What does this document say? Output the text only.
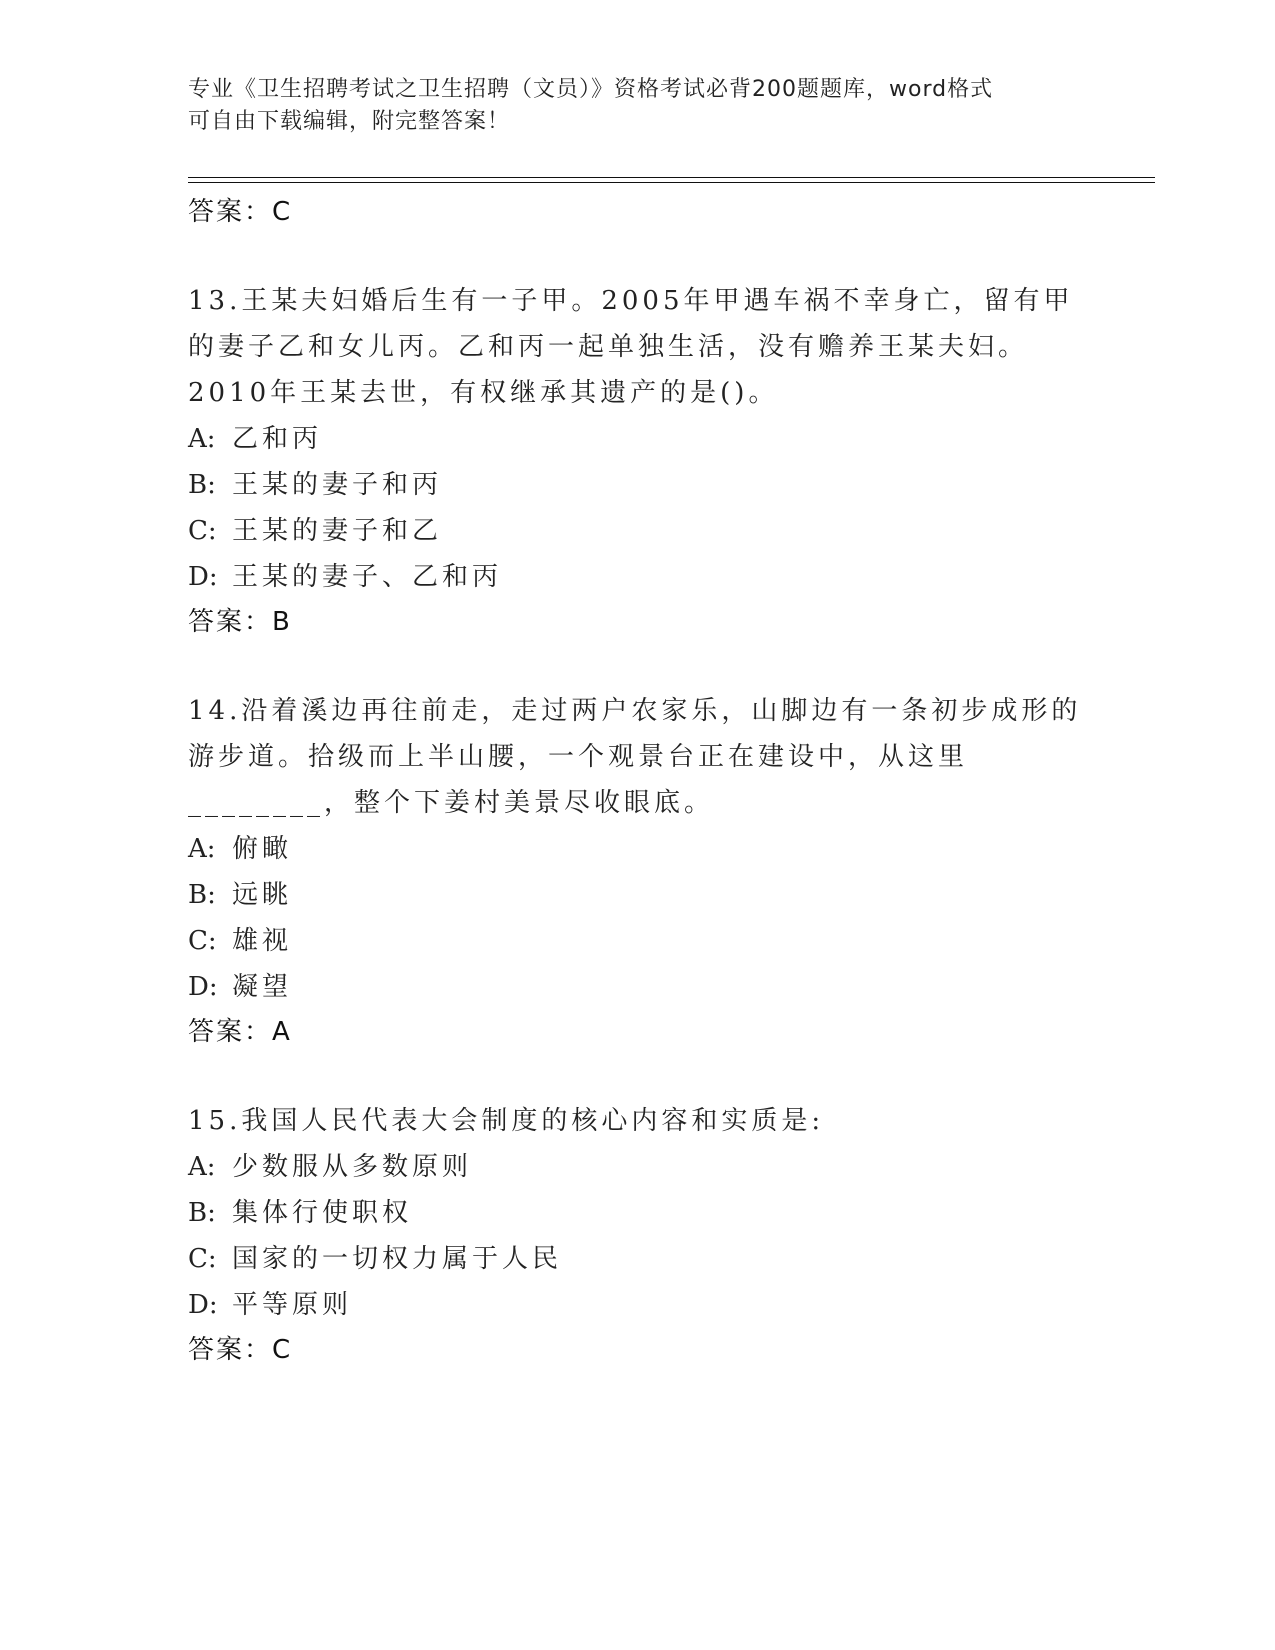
专业《卫生招聘考试之卫生招聘（文员）》资格考试必背200题题库，word格式
可自由下载编辑，附完整答案！
答案：C
13.王某夫妇婚后生有一子甲。2005年甲遇车祸不幸身亡，留有甲的妻子乙和女儿丙。乙和丙一起单独生活，没有赡养王某夫妇。2010年王某去世，有权继承其遗产的是()。
A: 乙和丙
B: 王某的妻子和丙
C: 王某的妻子和乙
D: 王某的妻子、乙和丙
答案：B
14.沿着溪边再往前走，走过两户农家乐，山脚边有一条初步成形的游步道。拾级而上半山腰，一个观景台正在建设中，从这里________，整个下姜村美景尽收眼底。
A: 俯瞰
B: 远眺
C: 雄视
D: 凝望
答案：A
15.我国人民代表大会制度的核心内容和实质是:
A: 少数服从多数原则
B: 集体行使职权
C: 国家的一切权力属于人民
D: 平等原则
答案：C
